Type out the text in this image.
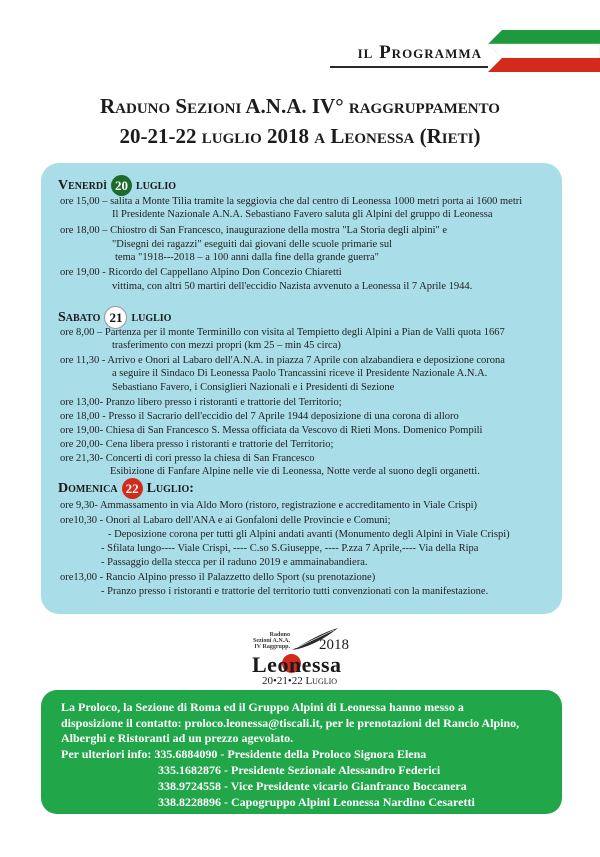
il Programma
Raduno Sezioni A.N.A. IV° raggruppamento
20-21-22 luglio 2018 a Leonessa (Rieti)
Venerdì 20 luglio
Sabato 21 luglio
Domenica 22 Luglio:
ore 15,00 – salita a Monte Tilia tramite la seggiovia che dal centro di Leonessa 1000 metri porta ai 1600 metri
Il Presidente Nazionale A.N.A. Sebastiano Favero saluta gli Alpini del gruppo di Leonessa
ore 18,00 – Chiostro di San Francesco, inaugurazione della mostra "La Storia degli alpini" e
"Disegni dei ragazzi" eseguiti dai giovani delle scuole primarie sul
tema "1918---2018 – a 100 anni dalla fine della grande guerra"
ore 19,00 - Ricordo del Cappellano Alpino Don Concezio Chiaretti
vittima, con altri 50 martiri dell'eccidio Nazista avvenuto a Leonessa il 7 Aprile 1944.
ore 8,00 – Partenza per il monte Terminillo con visita al Tempietto degli Alpini a Pian de Valli quota 1667
trasferimento con mezzi propri (km 25 – min 45 circa)
ore 11,30 - Arrivo e Onori al Labaro dell'A.N.A. in piazza 7 Aprile con alzabandiera e deposizione corona
a seguire il Sindaco Di Leonessa Paolo Trancassini riceve il Presidente Nazionale A.N.A.
Sebastiano Favero, i Consiglieri Nazionali e i Presidenti di Sezione
ore 13,00- Pranzo libero presso i ristoranti e trattorie del Territorio;
ore 18,00 - Presso il Sacrario dell'eccidio del 7 Aprile 1944 deposizione di una corona di alloro
ore 19,00- Chiesa di San Francesco S. Messa officiata da Vescovo di Rieti Mons. Domenico Pompili
ore 20,00- Cena libera presso i ristoranti e trattorie del Territorio;
ore 21,30- Concerti di cori presso la chiesa di San Francesco
Esibizione di Fanfare Alpine nelle vie di Leonessa, Notte verde al suono degli organetti.
ore 9,30- Ammassamento in via Aldo Moro (ristoro, registrazione e accreditamento in Viale Crispi)
ore10,30 - Onori al Labaro dell'ANA e ai Gonfaloni delle Provincie e Comuni;
- Deposizione corona per tutti gli Alpini andati avanti (Monumento degli Alpini in Viale Crispi)
- Sfilata lungo---- Viale Crispi, ---- C.so S.Giuseppe, ---- P.zza 7 Aprile,---- Via della Ripa
- Passaggio della stecca per il raduno 2019 e ammainabandiera.
ore13,00 - Rancio Alpino presso il Palazzetto dello Sport (su prenotazione)
- Pranzo presso i ristoranti e trattorie del territorio tutti convenzionati con la manifestazione.
Raduno
Sezioni A.N.A.
IV Raggrupp. 2018
Leonessa
20•21•22 Luglio
La Proloco, la Sezione di Roma ed il Gruppo Alpini di Leonessa hanno messo a
disposizione il contatto: proloco.leonessa@tiscali.it, per le prenotazioni del Rancio Alpino,
Alberghi e Ristoranti ad un prezzo agevolato.
Per ulteriori info: 335.6884090 - Presidente della Proloco Signora Elena
335.1682876 - Presidente Sezionale Alessandro Federici
338.9724558 - Vice Presidente vicario Gianfranco Boccanera
338.8228896 - Capogruppo Alpini Leonessa Nardino Cesaretti
